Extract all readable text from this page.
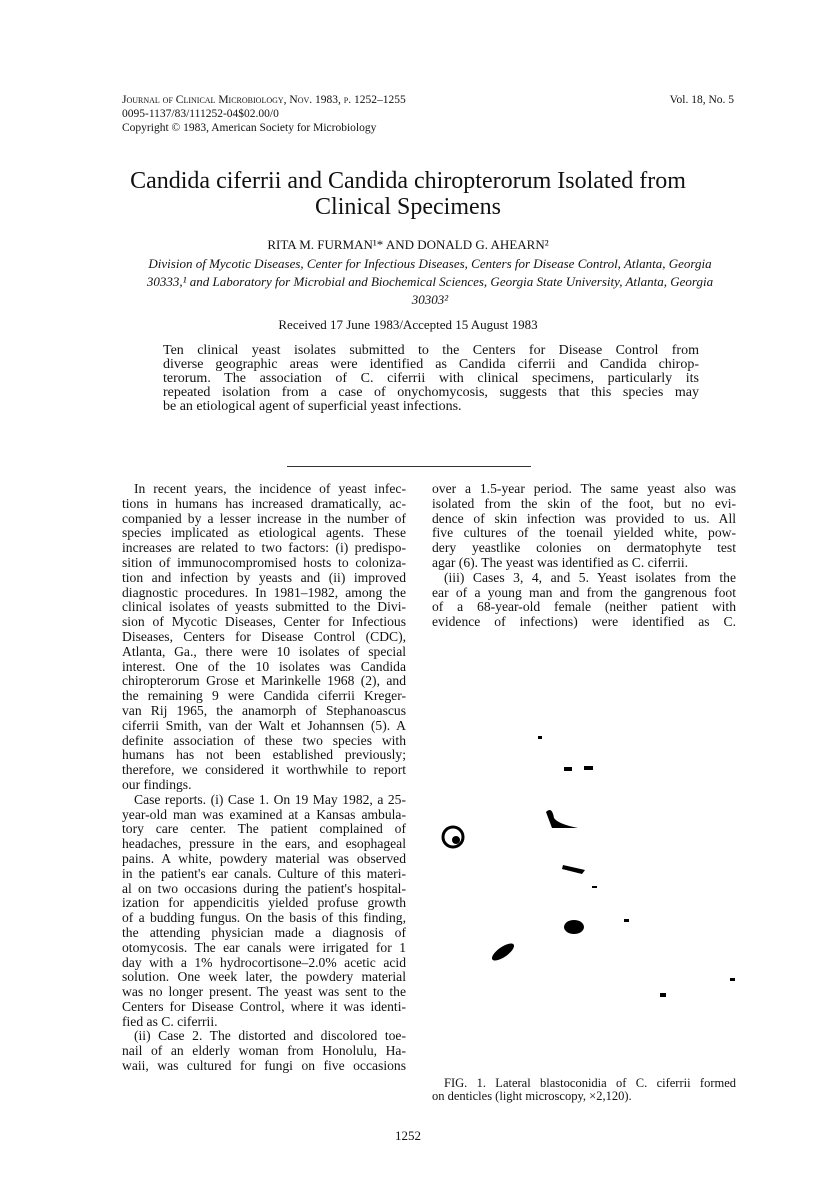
Journal of Clinical Microbiology, Nov. 1983, p. 1252–1255
0095-1137/83/111252-04$02.00/0
Copyright © 1983, American Society for Microbiology
Vol. 18, No. 5
Candida ciferrii and Candida chiropterorum Isolated from
Clinical Specimens
RITA M. FURMAN¹* AND DONALD G. AHEARN²
Division of Mycotic Diseases, Center for Infectious Diseases, Centers for Disease Control, Atlanta, Georgia
30333,¹ and Laboratory for Microbial and Biochemical Sciences, Georgia State University, Atlanta, Georgia
30303²
Received 17 June 1983/Accepted 15 August 1983
Ten clinical yeast isolates submitted to the Centers for Disease Control from
diverse geographic areas were identified as Candida ciferrii and Candida chirop-
terorum. The association of C. ciferrii with clinical specimens, particularly its
repeated isolation from a case of onychomycosis, suggests that this species may
be an etiological agent of superficial yeast infections.
In recent years, the incidence of yeast infec-
tions in humans has increased dramatically, ac-
companied by a lesser increase in the number of
species implicated as etiological agents. These
increases are related to two factors: (i) predispo-
sition of immunocompromised hosts to coloniza-
tion and infection by yeasts and (ii) improved
diagnostic procedures. In 1981–1982, among the
clinical isolates of yeasts submitted to the Divi-
sion of Mycotic Diseases, Center for Infectious
Diseases, Centers for Disease Control (CDC),
Atlanta, Ga., there were 10 isolates of special
interest. One of the 10 isolates was Candida
chiropterorum Grose et Marinkelle 1968 (2), and
the remaining 9 were Candida ciferrii Kreger-
van Rij 1965, the anamorph of Stephanoascus
ciferrii Smith, van der Walt et Johannsen (5). A
definite association of these two species with
humans has not been established previously;
therefore, we considered it worthwhile to report
our findings.
Case reports. (i) Case 1. On 19 May 1982, a 25-
year-old man was examined at a Kansas ambula-
tory care center. The patient complained of
headaches, pressure in the ears, and esophageal
pains. A white, powdery material was observed
in the patient's ear canals. Culture of this materi-
al on two occasions during the patient's hospital-
ization for appendicitis yielded profuse growth
of a budding fungus. On the basis of this finding,
the attending physician made a diagnosis of
otomycosis. The ear canals were irrigated for 1
day with a 1% hydrocortisone–2.0% acetic acid
solution. One week later, the powdery material
was no longer present. The yeast was sent to the
Centers for Disease Control, where it was identi-
fied as C. ciferrii.
(ii) Case 2. The distorted and discolored toe-
nail of an elderly woman from Honolulu, Ha-
waii, was cultured for fungi on five occasions
over a 1.5-year period. The same yeast also was
isolated from the skin of the foot, but no evi-
dence of skin infection was provided to us. All
five cultures of the toenail yielded white, pow-
dery yeastlike colonies on dermatophyte test
agar (6). The yeast was identified as C. ciferrii.
(iii) Cases 3, 4, and 5. Yeast isolates from the
ear of a young man and from the gangrenous foot
of a 68-year-old female (neither patient with
evidence of infections) were identified as C.
FIG. 1. Lateral blastoconidia of C. ciferrii formed
on denticles (light microscopy, ×2,120).
1252
